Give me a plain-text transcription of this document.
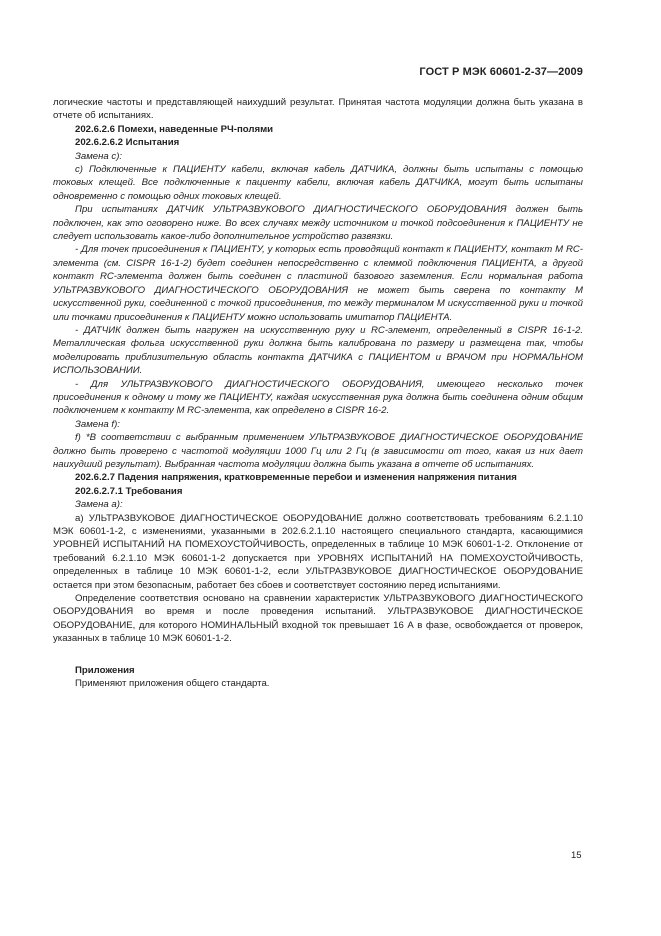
ГОСТ Р МЭК 60601-2-37—2009

логические частоты и представляющей наихудший результат. Принятая частота модуляции должна быть указана в отчете об испытаниях.

202.6.2.6 Помехи, наведенные РЧ-полями

202.6.2.6.2 Испытания

Замена c):

c) Подключенные к ПАЦИЕНТУ кабели, включая кабель ДАТЧИКА, должны быть испытаны с помощью токовых клещей. Все подключенные к пациенту кабели, включая кабель ДАТЧИКА, могут быть испытаны одновременно с помощью одних токовых клещей.

При испытаниях ДАТЧИК УЛЬТРАЗВУКОВОГО ДИАГНОСТИЧЕСКОГО ОБОРУДОВАНИЯ должен быть подключен, как это оговорено ниже. Во всех случаях между источником и точкой подсоединения к ПАЦИЕНТУ не следует использовать какое-либо дополнительное устройство развязки.

- Для точек присоединения к ПАЦИЕНТУ, у которых есть проводящий контакт к ПАЦИЕНТУ, контакт М RC-элемента (см. CISPR 16-1-2) будет соединен непосредственно с клеммой подключения ПАЦИЕНТА, а другой контакт RC-элемента должен быть соединен с пластиной базового заземления. Если нормальная работа УЛЬТРАЗВУКОВОГО ДИАГНОСТИЧЕСКОГО ОБОРУДОВАНИЯ не может быть сверена по контакту М искусственной руки, соединенной с точкой присоединения, то между терминалом М искусственной руки и точкой или точками присоединения к ПАЦИЕНТУ можно использовать имитатор ПАЦИЕНТА.

- ДАТЧИК должен быть нагружен на искусственную руку и RC-элемент, определенный в CISPR 16-1-2. Металлическая фольга искусственной руки должна быть калибрована по размеру и размещена так, чтобы моделировать приблизительную область контакта ДАТЧИКА с ПАЦИЕНТОМ и ВРАЧОМ при НОРМАЛЬНОМ ИСПОЛЬЗОВАНИИ.

- Для УЛЬТРАЗВУКОВОГО ДИАГНОСТИЧЕСКОГО ОБОРУДОВАНИЯ, имеющего несколько точек присоединения к одному и тому же ПАЦИЕНТУ, каждая искусственная рука должна быть соединена одним общим подключением к контакту М RC-элемента, как определено в CISPR 16-2.

Замена f):

f) *В соответствии с выбранным применением УЛЬТРАЗВУКОВОЕ ДИАГНОСТИЧЕСКОЕ ОБОРУДОВАНИЕ должно быть проверено с частотой модуляции 1000 Гц или 2 Гц (в зависимости от того, какая из них дает наихудший результат). Выбранная частота модуляции должна быть указана в отчете об испытаниях.

202.6.2.7 Падения напряжения, кратковременные перебои и изменения напряжения питания

202.6.2.7.1 Требования

Замена а):

а) УЛЬТРАЗВУКОВОЕ ДИАГНОСТИЧЕСКОЕ ОБОРУДОВАНИЕ должно соответствовать требованиям 6.2.1.10 МЭК 60601-1-2, с изменениями, указанными в 202.6.2.1.10 настоящего специального стандарта, касающимися УРОВНЕЙ ИСПЫТАНИЙ НА ПОМЕХОУСТОЙЧИВОСТЬ, определенных в таблице 10 МЭК 60601-1-2. Отклонение от требований 6.2.1.10 МЭК 60601-1-2 допускается при УРОВНЯХ ИСПЫТАНИЙ НА ПОМЕХОУСТОЙЧИВОСТЬ, определенных в таблице 10 МЭК 60601-1-2, если УЛЬТРАЗВУКОВОЕ ДИАГНОСТИЧЕСКОЕ ОБОРУДОВАНИЕ остается при этом безопасным, работает без сбоев и соответствует состоянию перед испытаниями.

Определение соответствия основано на сравнении характеристик УЛЬТРАЗВУКОВОГО ДИАГНОСТИЧЕСКОГО ОБОРУДОВАНИЯ во время и после проведения испытаний. УЛЬТРАЗВУКОВОЕ ДИАГНОСТИЧЕСКОЕ ОБОРУДОВАНИЕ, для которого НОМИНАЛЬНЫЙ входной ток превышает 16 А в фазе, освобождается от проверок, указанных в таблице 10 МЭК 60601-1-2.

Приложения

Применяют приложения общего стандарта.

15
